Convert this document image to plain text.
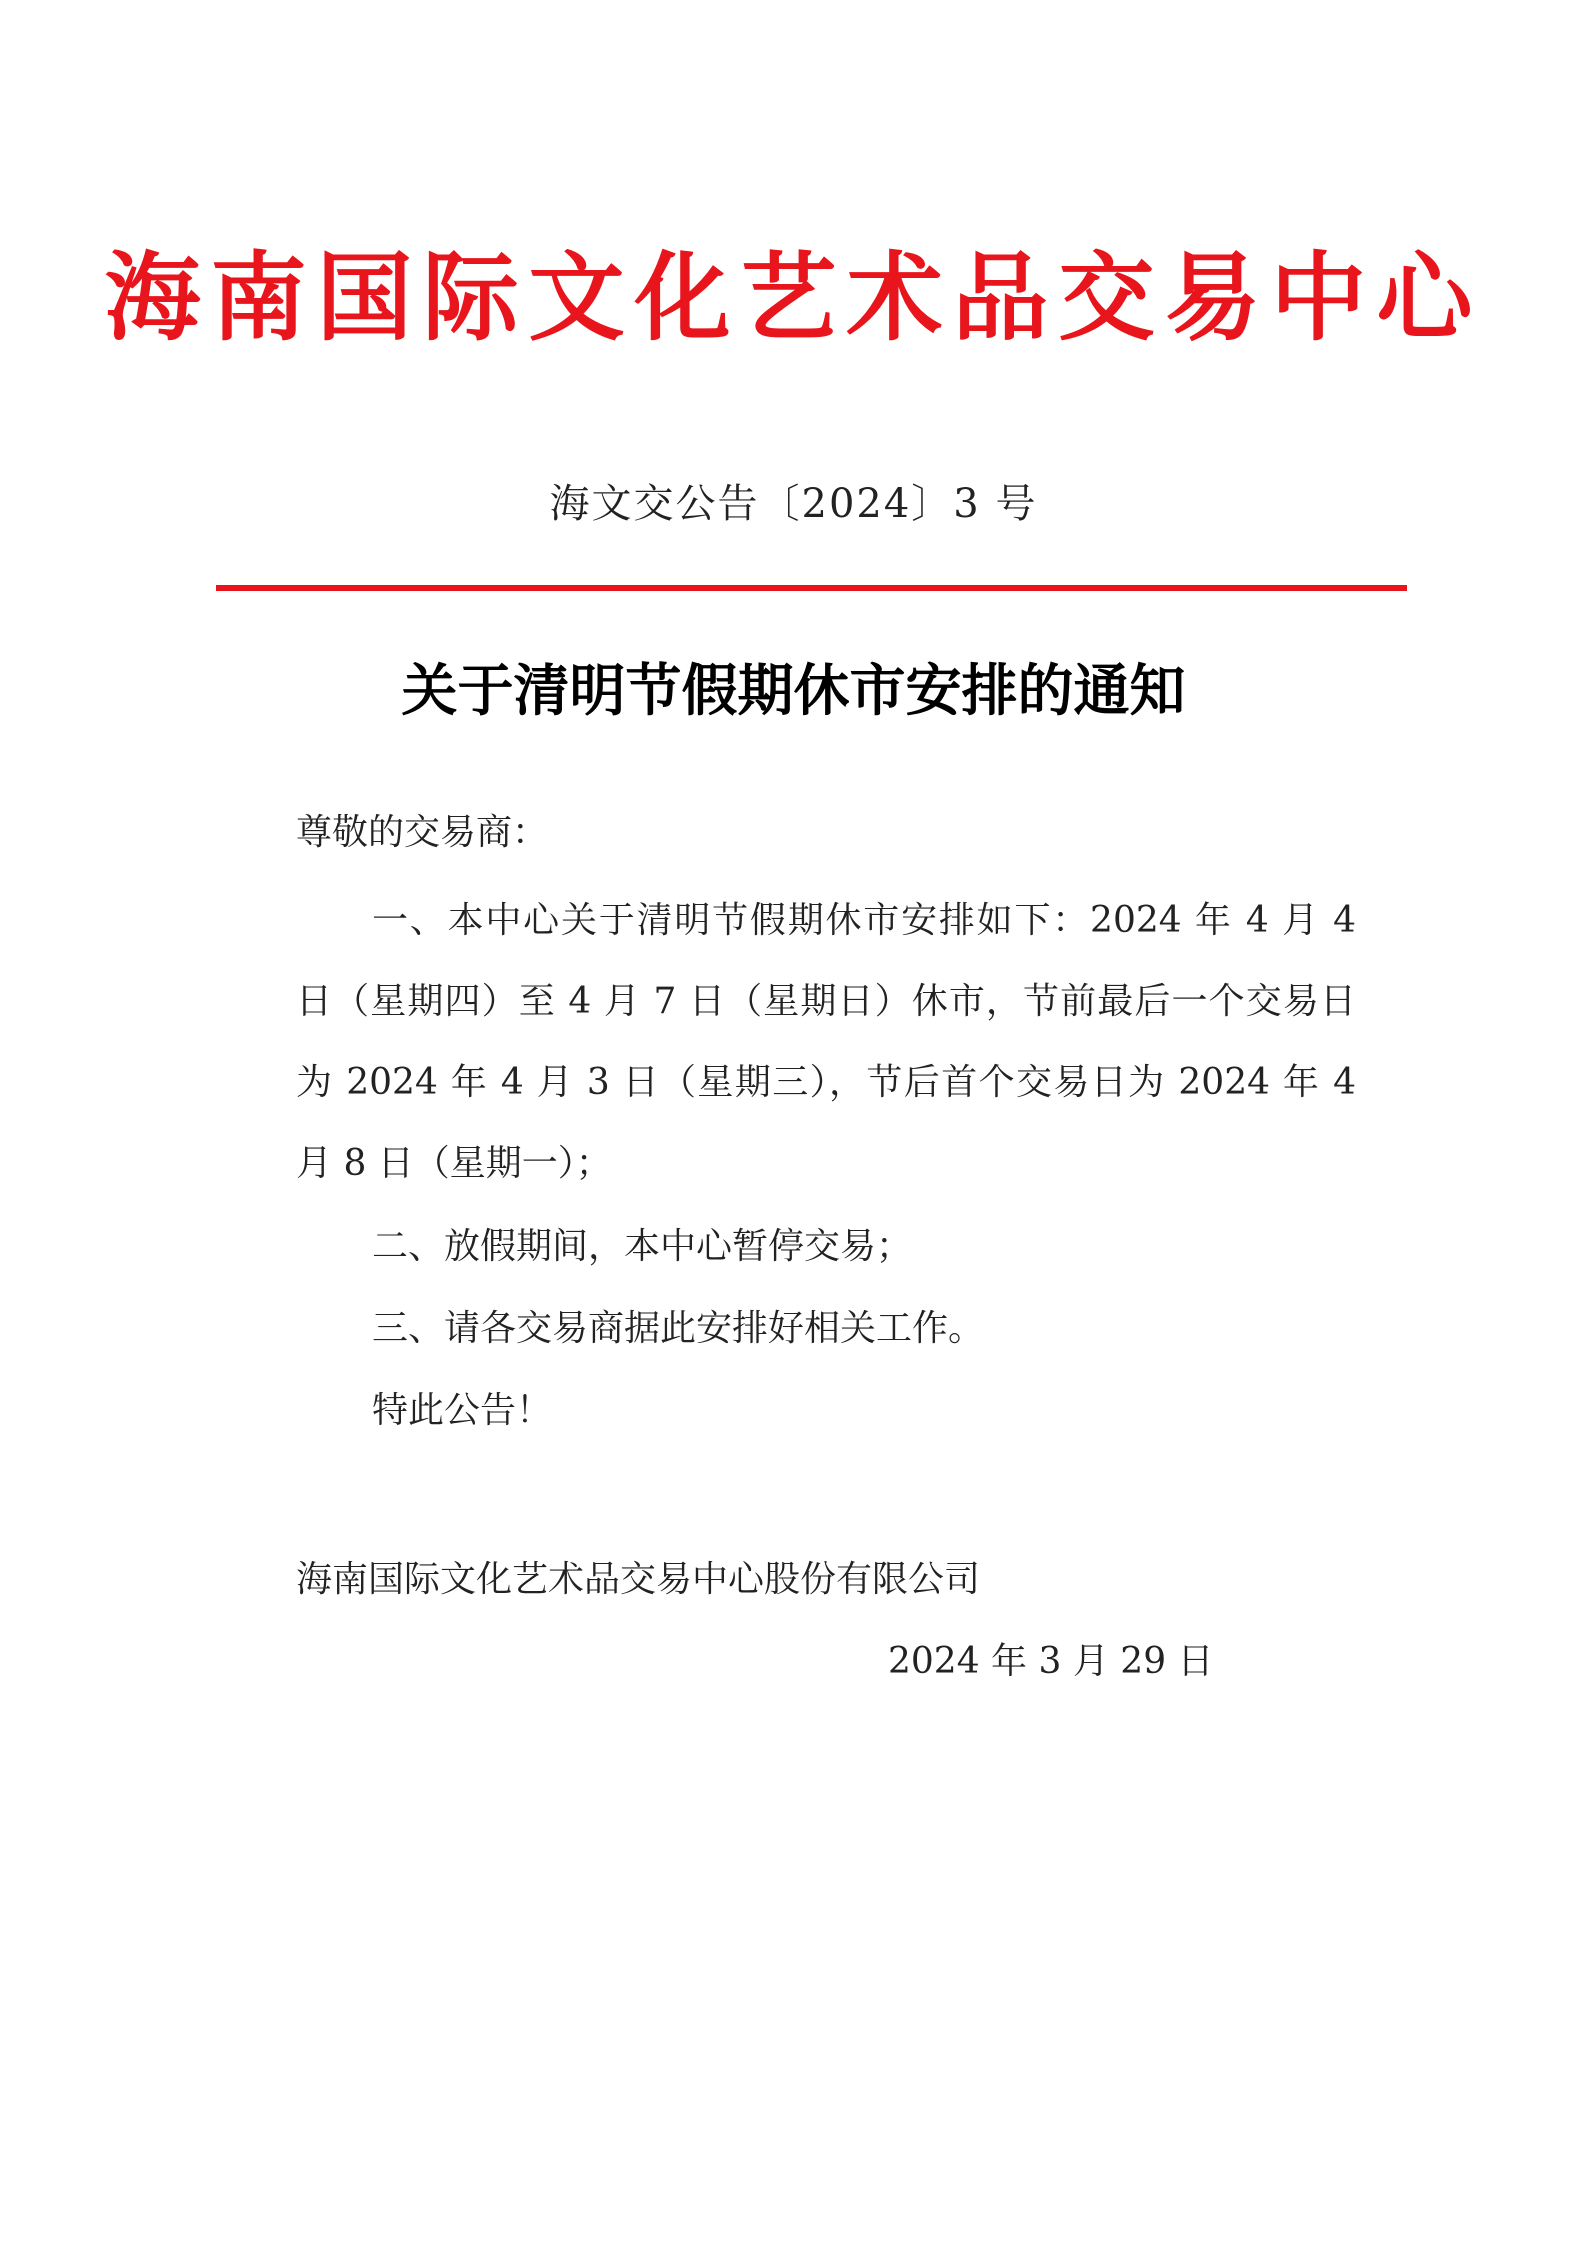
海南国际文化艺术品交易中心
海文交公告〔2024〕3 号
关于清明节假期休市安排的通知
尊敬的交易商：
一、本中心关于清明节假期休市安排如下：2024 年 4 月 4 日（星期四）至 4 月 7 日（星期日）休市，节前最后一个交易日为 2024 年 4 月 3 日（星期三），节后首个交易日为 2024 年 4 月 8 日（星期一）；
二、放假期间，本中心暂停交易；
三、请各交易商据此安排好相关工作。
特此公告！
海南国际文化艺术品交易中心股份有限公司
2024 年 3 月 29 日
